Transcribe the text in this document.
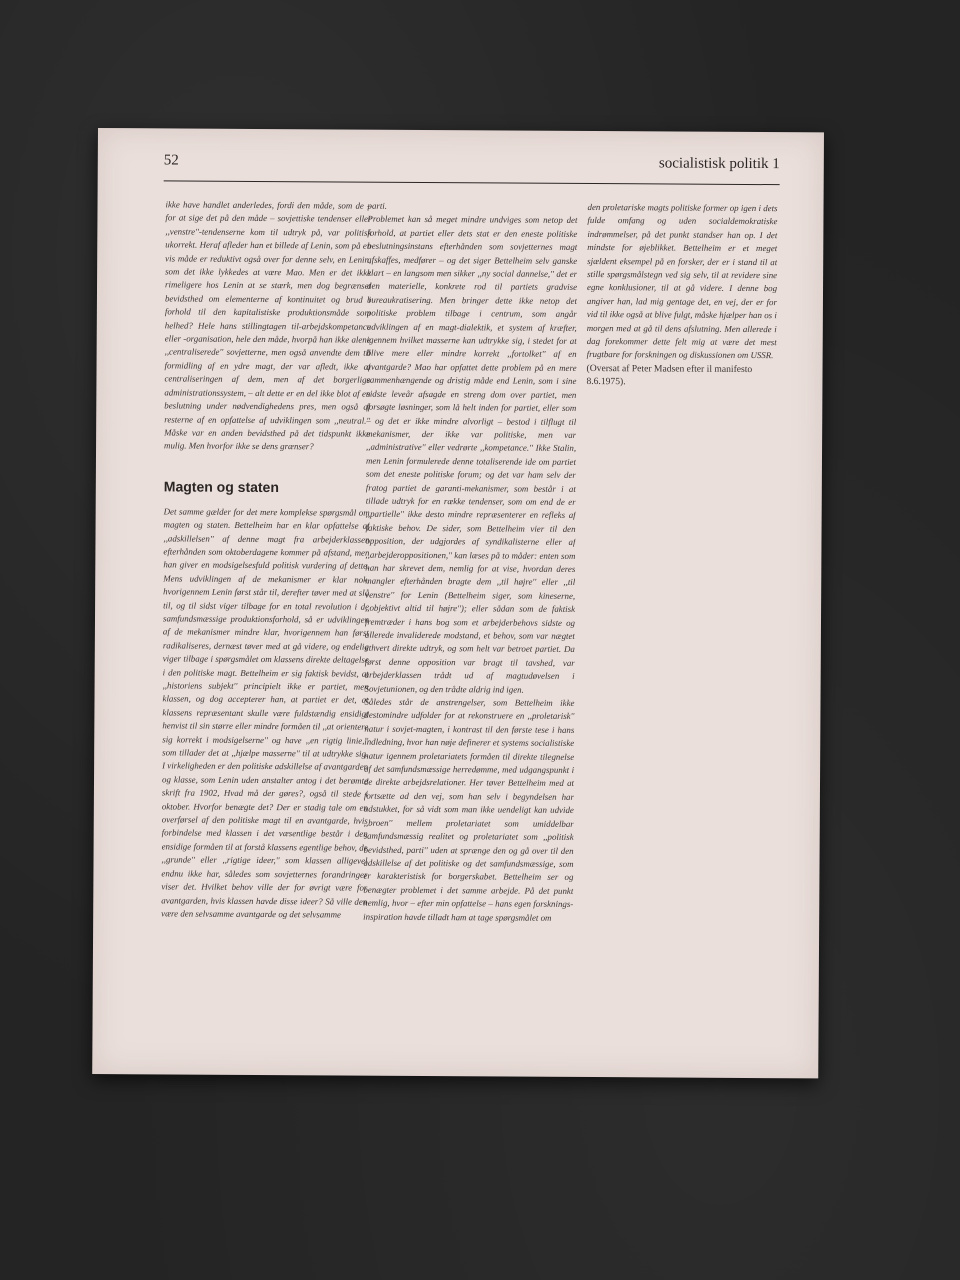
52	socialistisk politik 1

ikke have handlet anderledes, fordi den måde, som de – for at sige det på den måde – sovjettiske tendenser eller ,,venstre''-tendenserne kom til udtryk på, var politisk ukorrekt. Heraf afleder han et billede af Lenin, som på en vis måde er reduktivt også over for denne selv, en Lenin, som det ikke lykkedes at være Mao. Men er det ikke rimeligere hos Lenin at se stærk, men dog begrænset bevidsthed om elementerne af kontinuitet og brud i forhold til den kapitalistiske produktionsmåde som helhed? Hele hans stillingtagen til-arbejdskompetance eller -organisation, hele den måde, hvorpå han ikke alene ,,centraliserede'' sovjetterne, men også anvendte dem til formidling af en ydre magt, der var afledt, ikke af centraliseringen af dem, men af det borgerlige administrationssystem, – alt dette er en del ikke blot af en beslutning under nødvendighedens pres, men også af resterne af en opfattelse af udviklingen som ,,neutral.'' Måske var en anden bevidsthed på det tidspunkt ikke mulig. Men hvorfor ikke se dens grænser?

Magten og staten

Det samme gælder for det mere komplekse spørgsmål om magten og staten. Bettelheim har en klar opfattelse af ,,adskillelsen'' af denne magt fra arbejderklassen efterhånden som oktoberdagene kommer på afstand, men han giver en modsigelsesfuld politisk vurdering af dette. Mens udviklingen af de mekanismer er klar nok, hvorigennem Lenin først står til, derefter tøver med at slå til, og til sidst viger tilbage for en total revolution i de samfundsmæssige produktionsforhold, så er udviklingen af de mekanismer mindre klar, hvorigennem han først radikaliseres, dernæst tøver med at gå videre, og endelig viger tilbage i spørgsmålet om klassens direkte deltagelse i den politiske magt. Bettelheim er sig faktisk bevidst, at ,,historiens subjekt'' principielt ikke er partiet, men klassen, og dog accepterer han, at partiet er det, at klassens repræsentant skulle være fuldstændig ensidigt henvist til sin større eller mindre formåen til ,,at orientere sig korrekt i modsigelserne'' og have ,,en rigtig linie,'' som tillader det at ,,hjælpe masserne'' til at udtrykke sig. I virkeligheden er den politiske adskillelse af avantgarden og klasse, som Lenin uden anstalter antog i det berømte skrift fra 1902, Hvad må der gøres?, også til stede i oktober. Hvorfor benægte det? Der er stadig tale om en overførsel af den politiske magt til en avantgarde, hvis forbindelse med klassen i det væsentlige består i den ensidige formåen til at forstå klassens egentlige behov, de ,,grunde'' eller ,,rigtige ideer,'' som klassen alligevel endnu ikke har, således som sovjetternes forandringer viser det. Hvilket behov ville der for øvrigt være for avantgarden, hvis klassen havde disse ideer? Så ville den være den selvsamme avantgarde og det selvsamme

parti.

Problemet kan så meget mindre undviges som netop det forhold, at partiet eller dets stat er den eneste politiske beslutningsinstans efterhånden som sovjetternes magt afskaffes, medfører – og det siger Bettelheim selv ganske klart – en langsom men sikker ,,ny social dannelse,'' det er den materielle, konkrete rod til partiets gradvise bureaukratisering. Men bringer dette ikke netop det politiske problem tilbage i centrum, som angår udviklingen af en magt-dialektik, et system af kræfter, igennem hvilket masserne kan udtrykke sig, i stedet for at blive mere eller mindre korrekt ,,fortolket'' af en avantgarde? Mao har opfattet dette problem på en mere sammenhængende og dristig måde end Lenin, som i sine sidste leveår afsagde en streng dom over partiet, men forsøgte løsninger, som lå helt inden for partiet, eller som – og det er ikke mindre alvorligt – bestod i tilflugt til mekanismer, der ikke var politiske, men var ,,administrative'' eller vedrørte ,,kompetance.'' Ikke Stalin, men Lenin formulerede denne totaliserende ide om partiet som det eneste politiske forum; og det var ham selv der fratog partiet de garanti-mekanismer, som består i at tillade udtryk for en række tendenser, som om end de er ,,partielle'' ikke desto mindre repræsenterer en refleks af faktiske behov. De sider, som Bettelheim vier til den opposition, der udgjordes af syndikalisterne eller af ,,arbejderoppositionen,'' kan læses på to måder: enten som han har skrevet dem, nemlig for at vise, hvordan deres mangler efterhånden bragte dem ,,til højre'' eller ,,til venstre'' for Lenin (Bettelheim siger, som kineserne, ,,objektivt altid til højre''); eller sådan som de faktisk fremtræder i hans bog som et arbejderbehovs sidste og allerede invaliderede modstand, et behov, som var nægtet ethvert direkte udtryk, og som helt var betroet partiet. Da først denne opposition var bragt til tavshed, var arbejderklassen trådt ud af magtudøvelsen i Sovjetunionen, og den trådte aldrig ind igen.

Således står de anstrengelser, som Bettelheim ikke destomindre udfolder for at rekonstruere en ,,proletarisk'' natur i sovjet-magten, i kontrast til den første tese i hans indledning, hvor han nøje definerer et systems socialistiske natur igennem proletariatets formåen til direkte tilegnelse af det samfundsmæssige herredømme, med udgangspunkt i de direkte arbejdsrelationer. Her tøver Bettelheim med at fortsætte ad den vej, som han selv i begyndelsen har udstukket, for så vidt som man ikke uendeligt kan udvide ,,broen'' mellem proletariatet som umiddelbar samfundsmæssig realitet og proletariatet som ,,politisk bevidsthed, parti'' uden at sprænge den og gå over til den adskillelse af det politiske og det samfundsmæssige, som er karakteristisk for borgerskabet. Bettelheim ser og benægter problemet i det samme arbejde. På det punkt nemlig, hvor – efter min opfattelse – hans egen forsknings-inspiration havde tilladt ham at tage spørgsmålet om

den proletariske magts politiske former op igen i dets fulde omfang og uden socialdemokratiske indrømmelser, på det punkt standser han op. I det mindste for øjeblikket. Bettelheim er et meget sjældent eksempel på en forsker, der er i stand til at stille spørgsmålstegn ved sig selv, til at revidere sine egne konklusioner, til at gå videre. I denne bog angiver han, lad mig gentage det, en vej, der er for vid til ikke også at blive fulgt, måske hjælper han os i morgen med at gå til dens afslutning. Men allerede i dag forekommer dette felt mig at være det mest frugtbare for forskningen og diskussionen om USSR.

(Oversat af Peter Madsen efter il manifesto 8.6.1975).
